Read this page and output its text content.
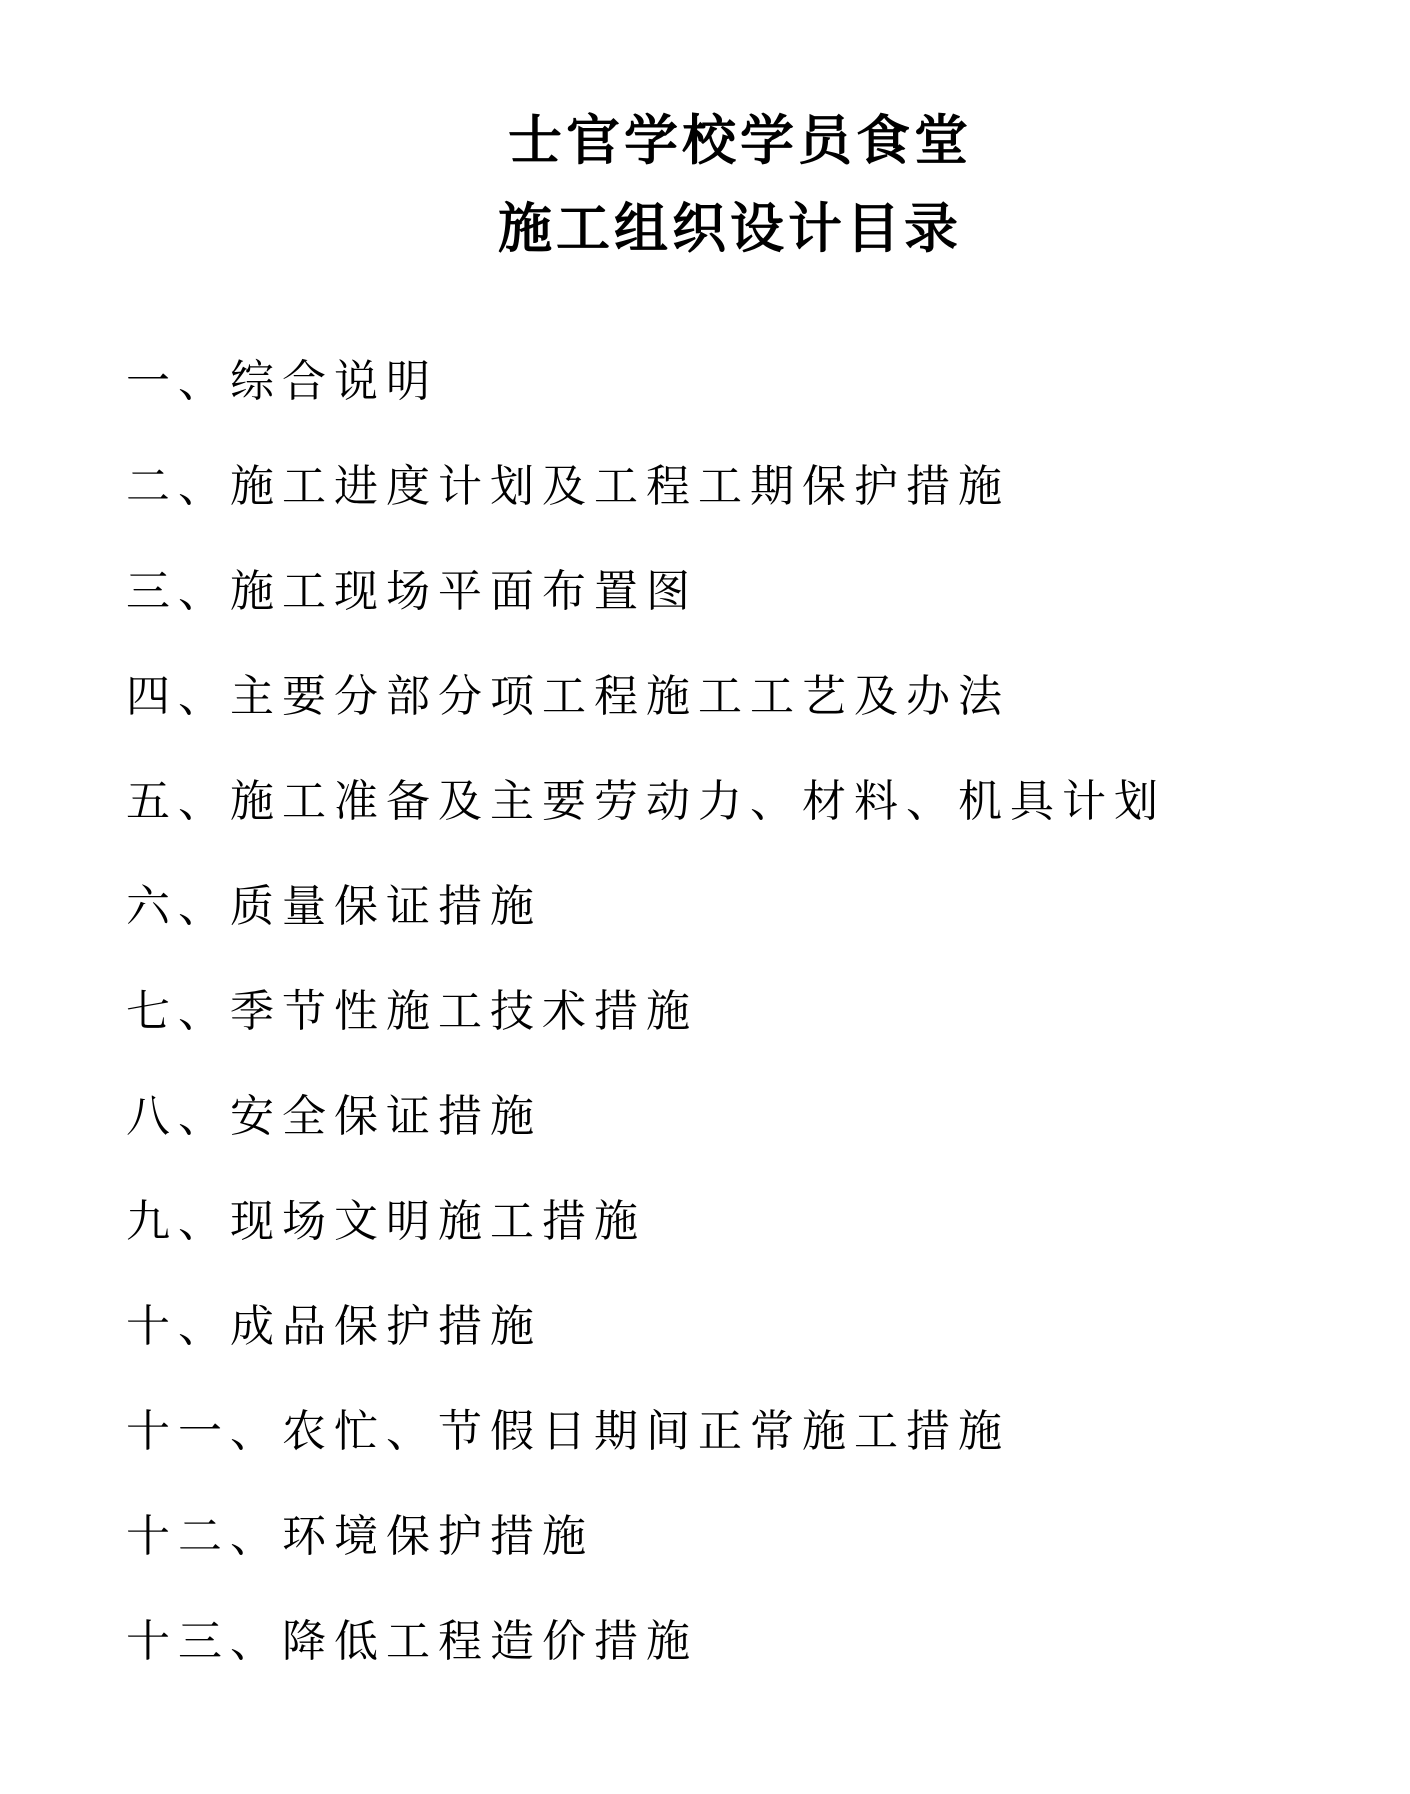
士官学校学员食堂
施工组织设计目录
一、综合说明
二、施工进度计划及工程工期保护措施
三、施工现场平面布置图
四、主要分部分项工程施工工艺及办法
五、施工准备及主要劳动力、材料、机具计划
六、质量保证措施
七、季节性施工技术措施
八、安全保证措施
九、现场文明施工措施
十、成品保护措施
十一、农忙、节假日期间正常施工措施
十二、环境保护措施
十三、降低工程造价措施
